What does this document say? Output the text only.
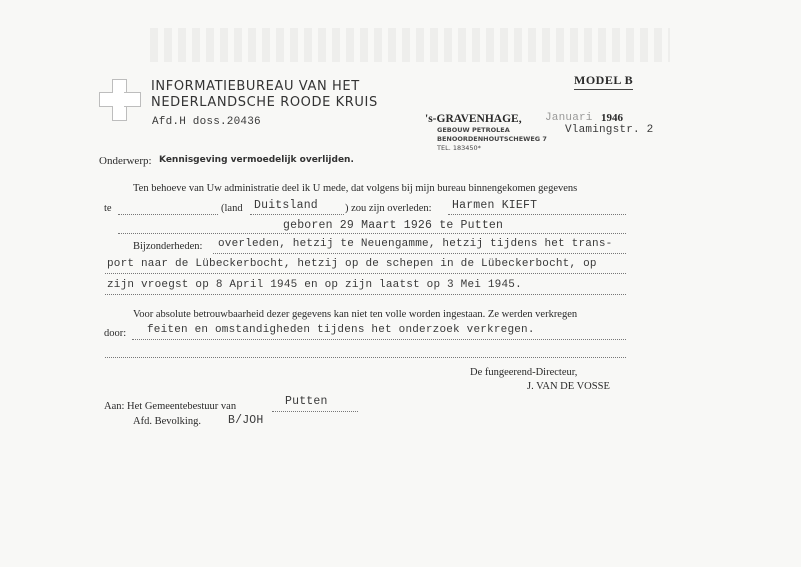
INFORMATIEBUREAU VAN HET
NEDERLANDSCHE ROODE KRUIS
Afd.H doss.20436
MODEL B
's-GRAVENHAGE, Januari 1946
GEBOUW PETROLEA	Vlamingstr. 2
BENOORDENHOUTSCHEWEG 7
TEL. 183450*
Onderwerp: Kennisgeving vermoedelijk overlijden.
Ten behoeve van Uw administratie deel ik U mede, dat volgens bij mijn bureau binnengekomen gegevens
te	(land Duitsland	) zou zijn overleden: Harmen KIEFT
geboren 29 Maart 1926 te Putten
Bijzonderheden: overleden, hetzij te Neuengamme, hetzij tijdens het trans-
port naar de Lübeckerbocht, hetzij op de schepen in de Lübeckerbocht, op
zijn vroegst op 8 April 1945 en op zijn laatst op 3 Mei 1945.
Voor absolute betrouwbaarheid dezer gegevens kan niet ten volle worden ingestaan. Ze werden verkregen
door: feiten en omstandigheden tijdens het onderzoek verkregen.
De fungeerend-Directeur,
J. VAN DE VOSSE
Aan: Het Gemeentebestuur van	Putten
Afd. Bevolking. B/JOH
